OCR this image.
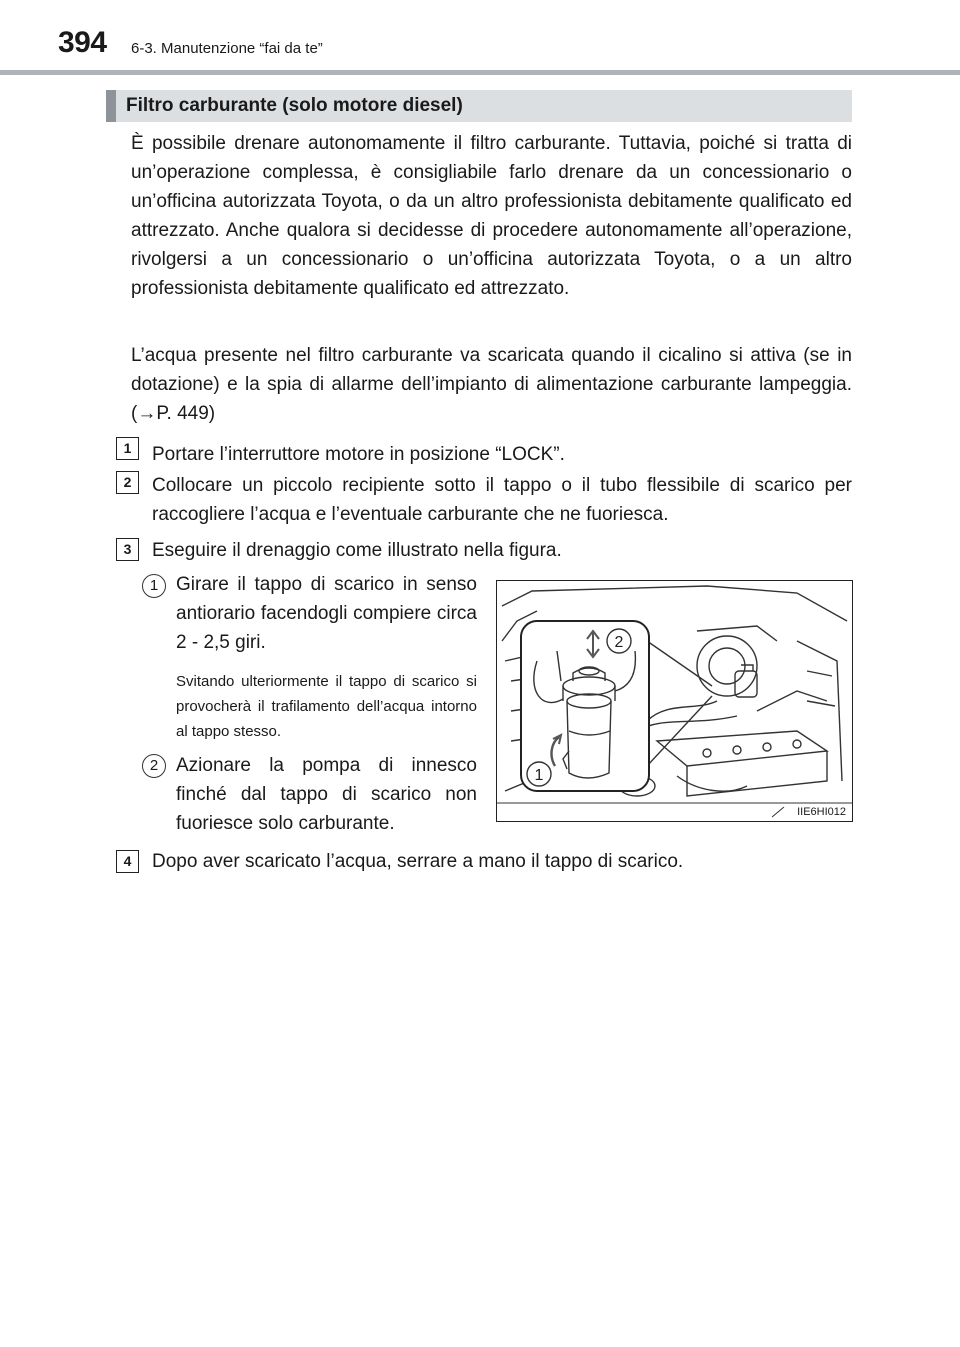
394 6-3. Manutenzione “fai da te”
Filtro carburante (solo motore diesel)

È possibile drenare autonomamente il filtro carburante. Tuttavia, poiché si tratta di un’operazione complessa, è consigliabile farlo drenare da un concessionario o un’officina autorizzata Toyota, o da un altro professionista debitamente qualificato ed attrezzato. Anche qualora si decidesse di procedere autonomamente all’operazione, rivolgersi a un concessionario o un’officina autorizzata Toyota, o a un altro professionista debitamente qualificato ed attrezzato.

L’acqua presente nel filtro carburante va scaricata quando il cicalino si attiva (se in dotazione) e la spia di allarme dell’impianto di alimentazione carburante lampeggia. (→P. 449)

1	Portare l’interruttore motore in posizione “LOCK”.

2	Collocare un piccolo recipiente sotto il tappo o il tubo flessibile di scarico per raccogliere l’acqua e l’eventuale carburante che ne fuoriesca.

3	Eseguire il drenaggio come illustrato nella figura.

1 Girare il tappo di scarico in senso antiorario facendogli compiere circa 2 - 2,5 giri.

Svitando ulteriormente il tappo di scarico si provocherà il trafilamento dell’acqua intorno al tappo stesso.

2 Azionare la pompa di innesco finché dal tappo di scarico non fuoriesce solo carburante.

2
1
IIE6HI012
4	Dopo aver scaricato l’acqua, serrare a mano il tappo di scarico.
